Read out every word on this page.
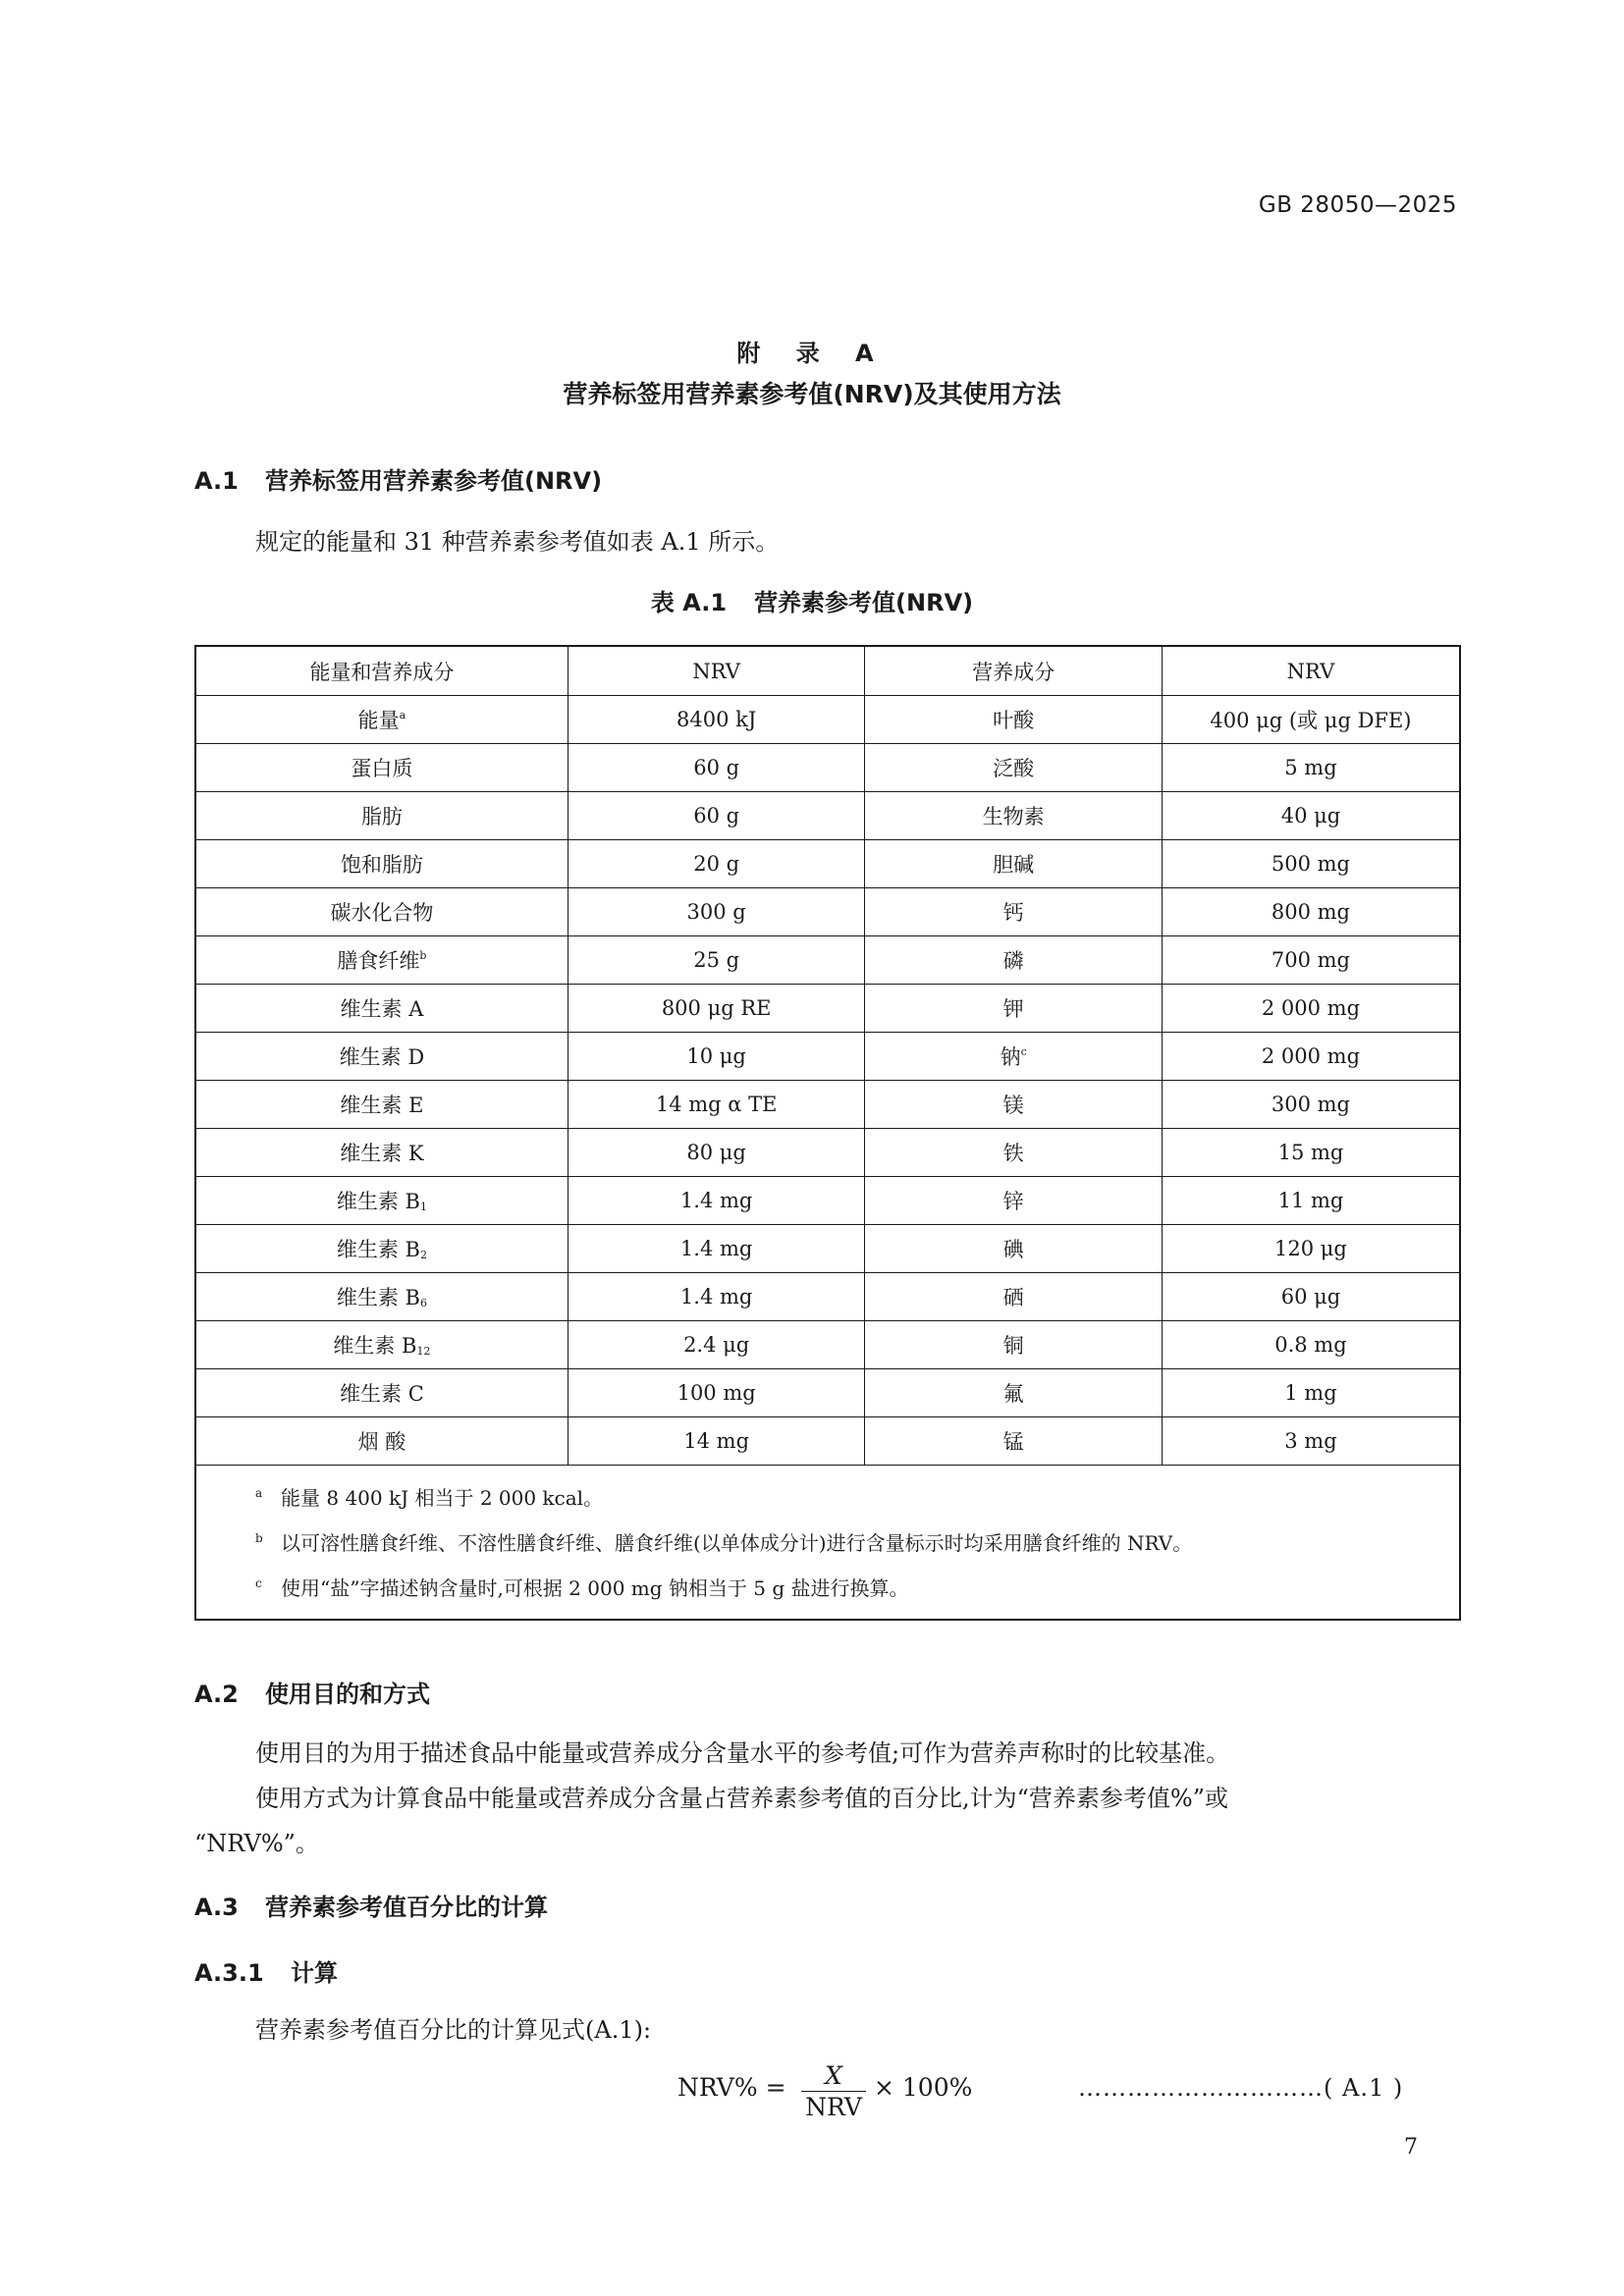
GB 28050—2025
附 录 A
营养标签用营养素参考值(NRV)及其使用方法
A.1 营养标签用营养素参考值(NRV)
规定的能量和 31 种营养素参考值如表 A.1 所示。
表 A.1 营养素参考值(NRV)
能量和营养成分	NRV	营养成分	NRV
能量$^a$	8400 kJ	叶酸	400 μg (或 μg DFE)
蛋白质	60 g	泛酸	5 mg
脂肪	60 g	生物素	40 μg
饱和脂肪	20 g	胆碱	500 mg
碳水化合物	300 g	钙	800 mg
膳食纤维$^b$	25 g	磷	700 mg
维生素 A	800 μg RE	钾	2 000 mg
维生素 D	10 μg	钠$^c$	2 000 mg
维生素 E	14 mg α TE	镁	300 mg
维生素 K	80 μg	铁	15 mg
维生素 $B_1$	1.4 mg	锌	11 mg
维生素 $B_2$	1.4 mg	碘	120 μg
维生素 $B_6$	1.4 mg	硒	60 μg
维生素 $B_{12}$	2.4 μg	铜	0.8 mg
维生素 C	100 mg	氟	1 mg
烟 酸	14 mg	锰	3 mg

a 能量 8 400 kJ 相当于 2 000 kcal。
b 以可溶性膳食纤维、不溶性膳食纤维、膳食纤维(以单体成分计)进行含量标示时均采用膳食纤维的 NRV。
c 使用“盐”字描述钠含量时,可根据 2 000 mg 钠相当于 5 g 盐进行换算。			
A.2 使用目的和方式
使用目的为用于描述食品中能量或营养成分含量水平的参考值;可作为营养声称时的比较基准。
使用方式为计算食品中能量或营养成分含量占营养素参考值的百分比,计为“营养素参考值%”或
“NRV%”。
A.3 营养素参考值百分比的计算
A.3.1 计算
营养素参考值百分比的计算见式(A.1):
NRV% =	X
NRV
× 100%	…………………………( A.1 )
7
